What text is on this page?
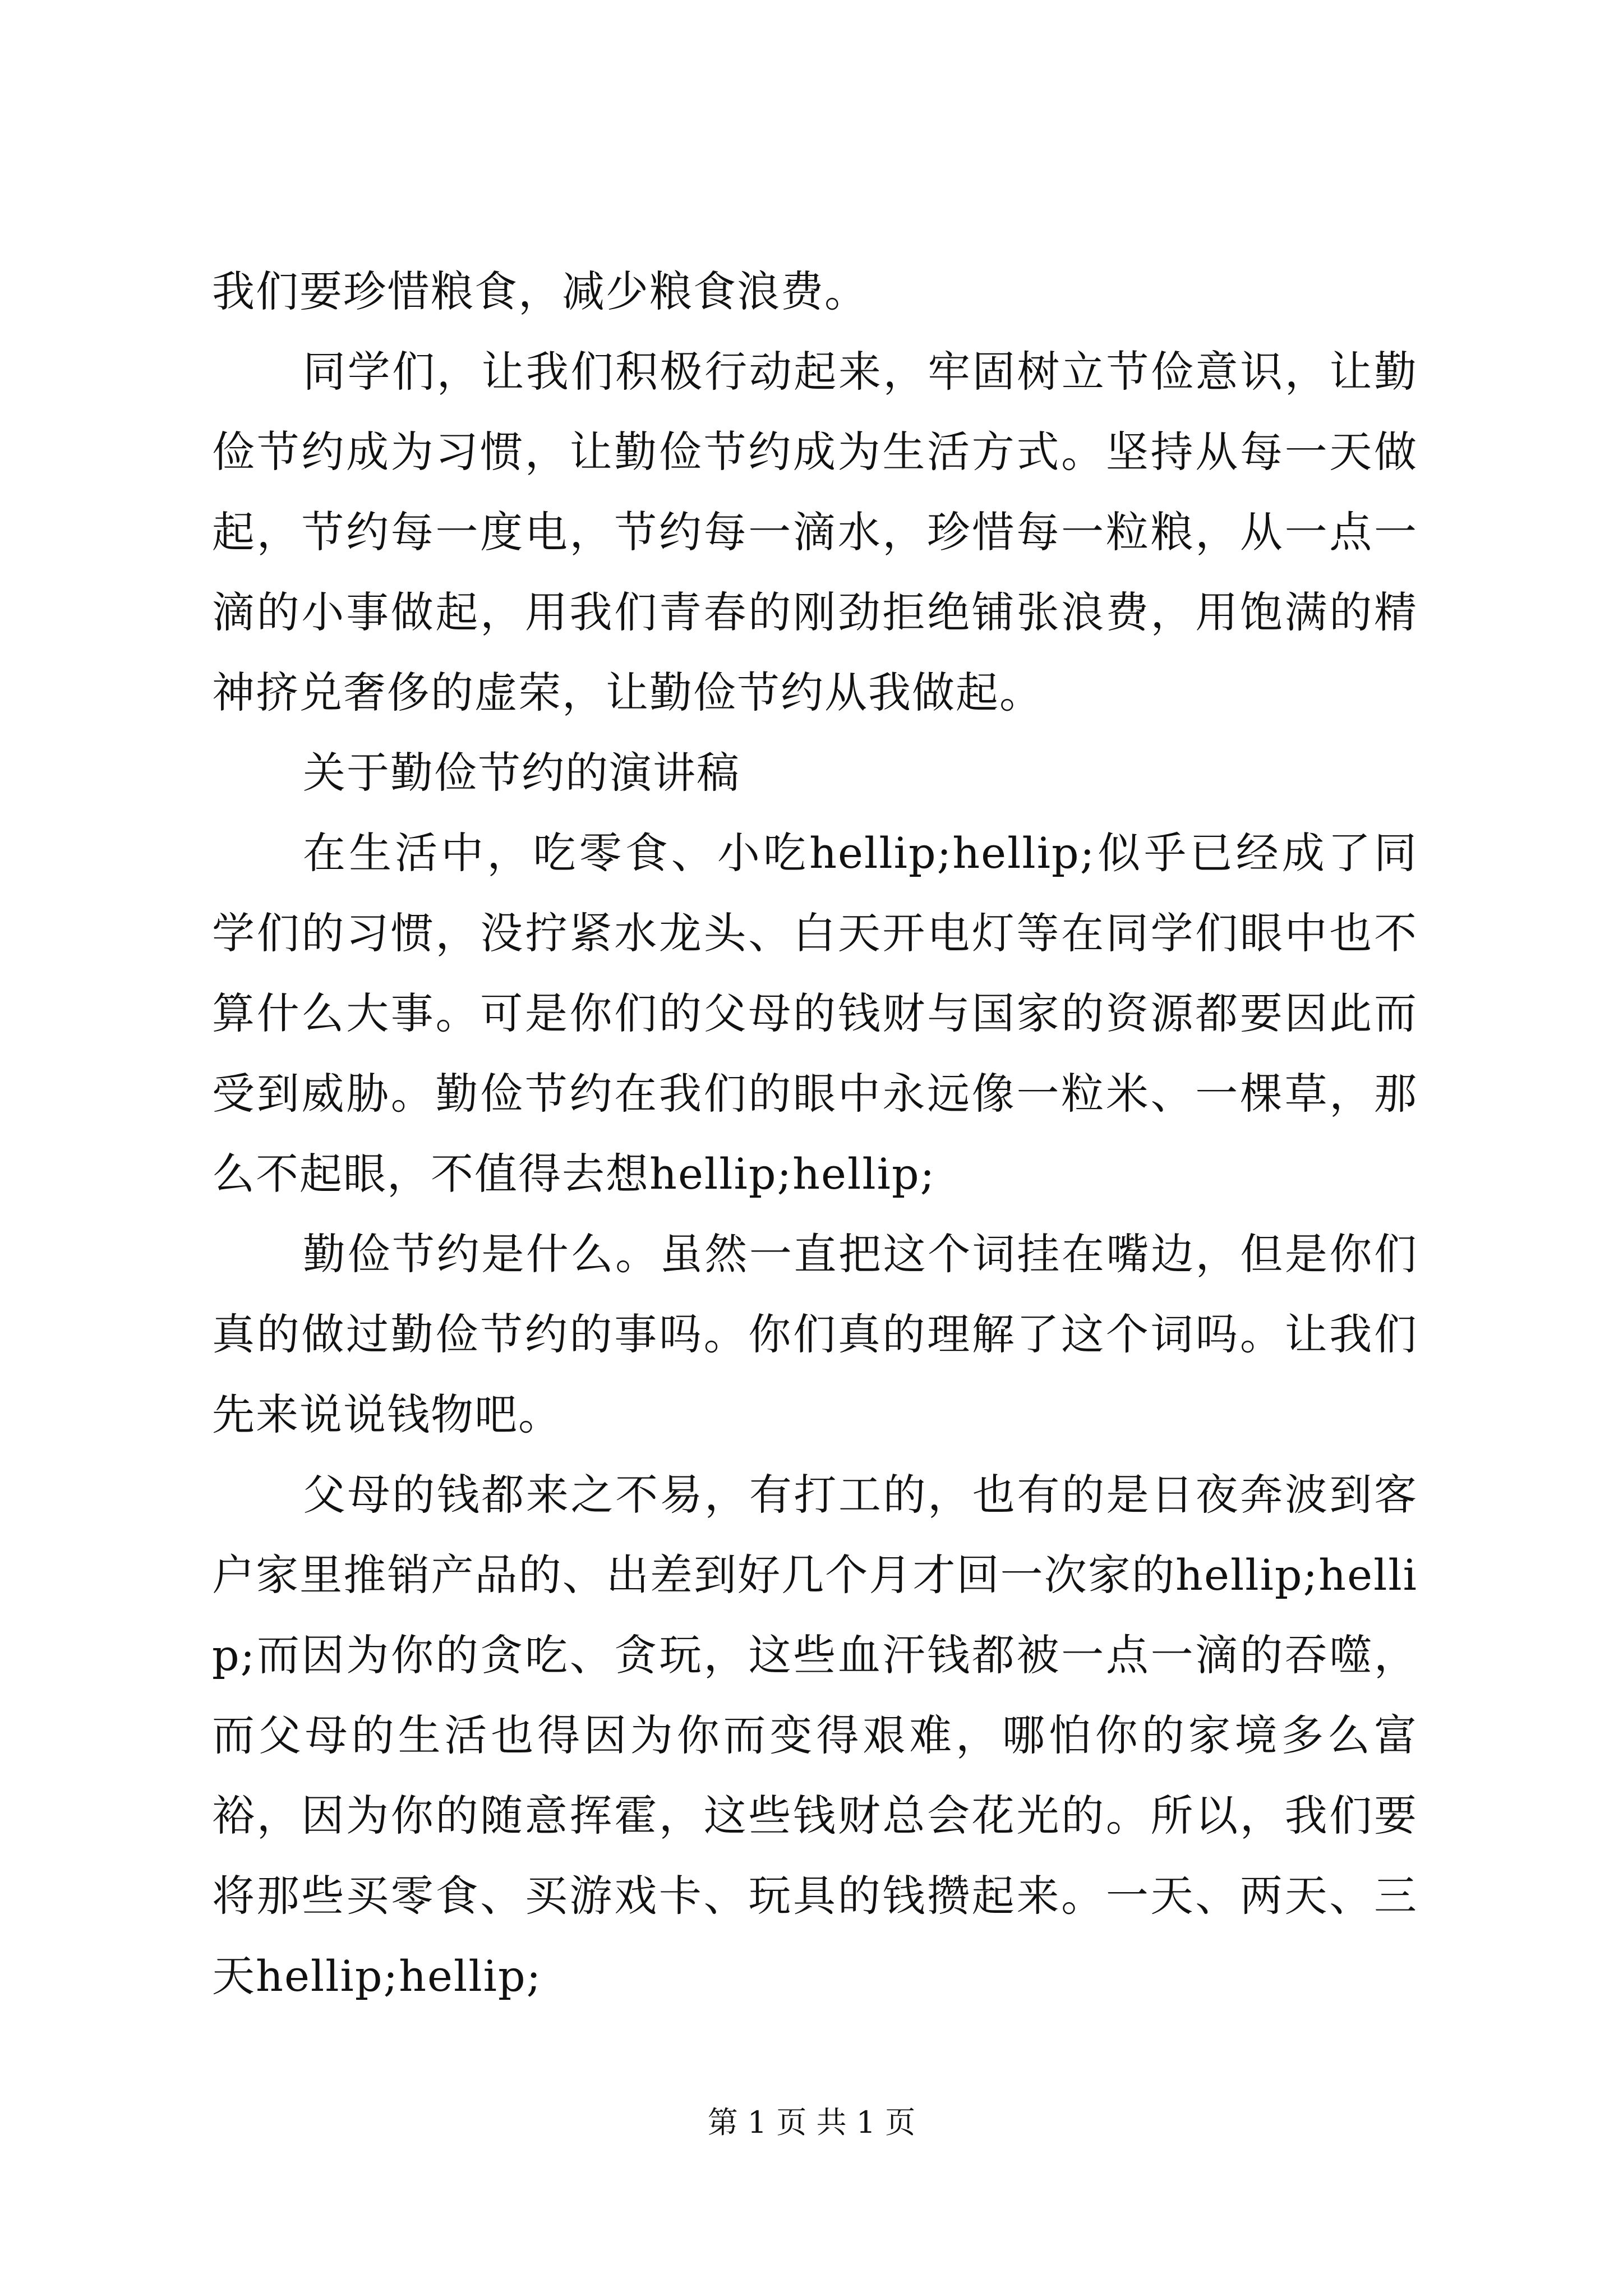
我们要珍惜粮食，减少粮食浪费。

同学们，让我们积极行动起来，牢固树立节俭意识，让勤俭节约成为习惯，让勤俭节约成为生活方式。坚持从每一天做起，节约每一度电，节约每一滴水，珍惜每一粒粮，从一点一滴的小事做起，用我们青春的刚劲拒绝铺张浪费，用饱满的精神挤兑奢侈的虚荣，让勤俭节约从我做起。

关于勤俭节约的演讲稿

在生活中，吃零食、小吃hellip;hellip;似乎已经成了同学们的习惯，没拧紧水龙头、白天开电灯等在同学们眼中也不算什么大事。可是你们的父母的钱财与国家的资源都要因此而受到威胁。勤俭节约在我们的眼中永远像一粒米、一棵草，那么不起眼，不值得去想hellip;hellip;

勤俭节约是什么。虽然一直把这个词挂在嘴边，但是你们真的做过勤俭节约的事吗。你们真的理解了这个词吗。让我们先来说说钱物吧。

父母的钱都来之不易，有打工的，也有的是日夜奔波到客户家里推销产品的、出差到好几个月才回一次家的hellip;hellip;而因为你的贪吃、贪玩，这些血汗钱都被一点一滴的吞噬，而父母的生活也得因为你而变得艰难，哪怕你的家境多么富裕，因为你的随意挥霍，这些钱财总会花光的。所以，我们要将那些买零食、买游戏卡、玩具的钱攒起来。一天、两天、三天hellip;hellip;

第 1 页 共 1 页
